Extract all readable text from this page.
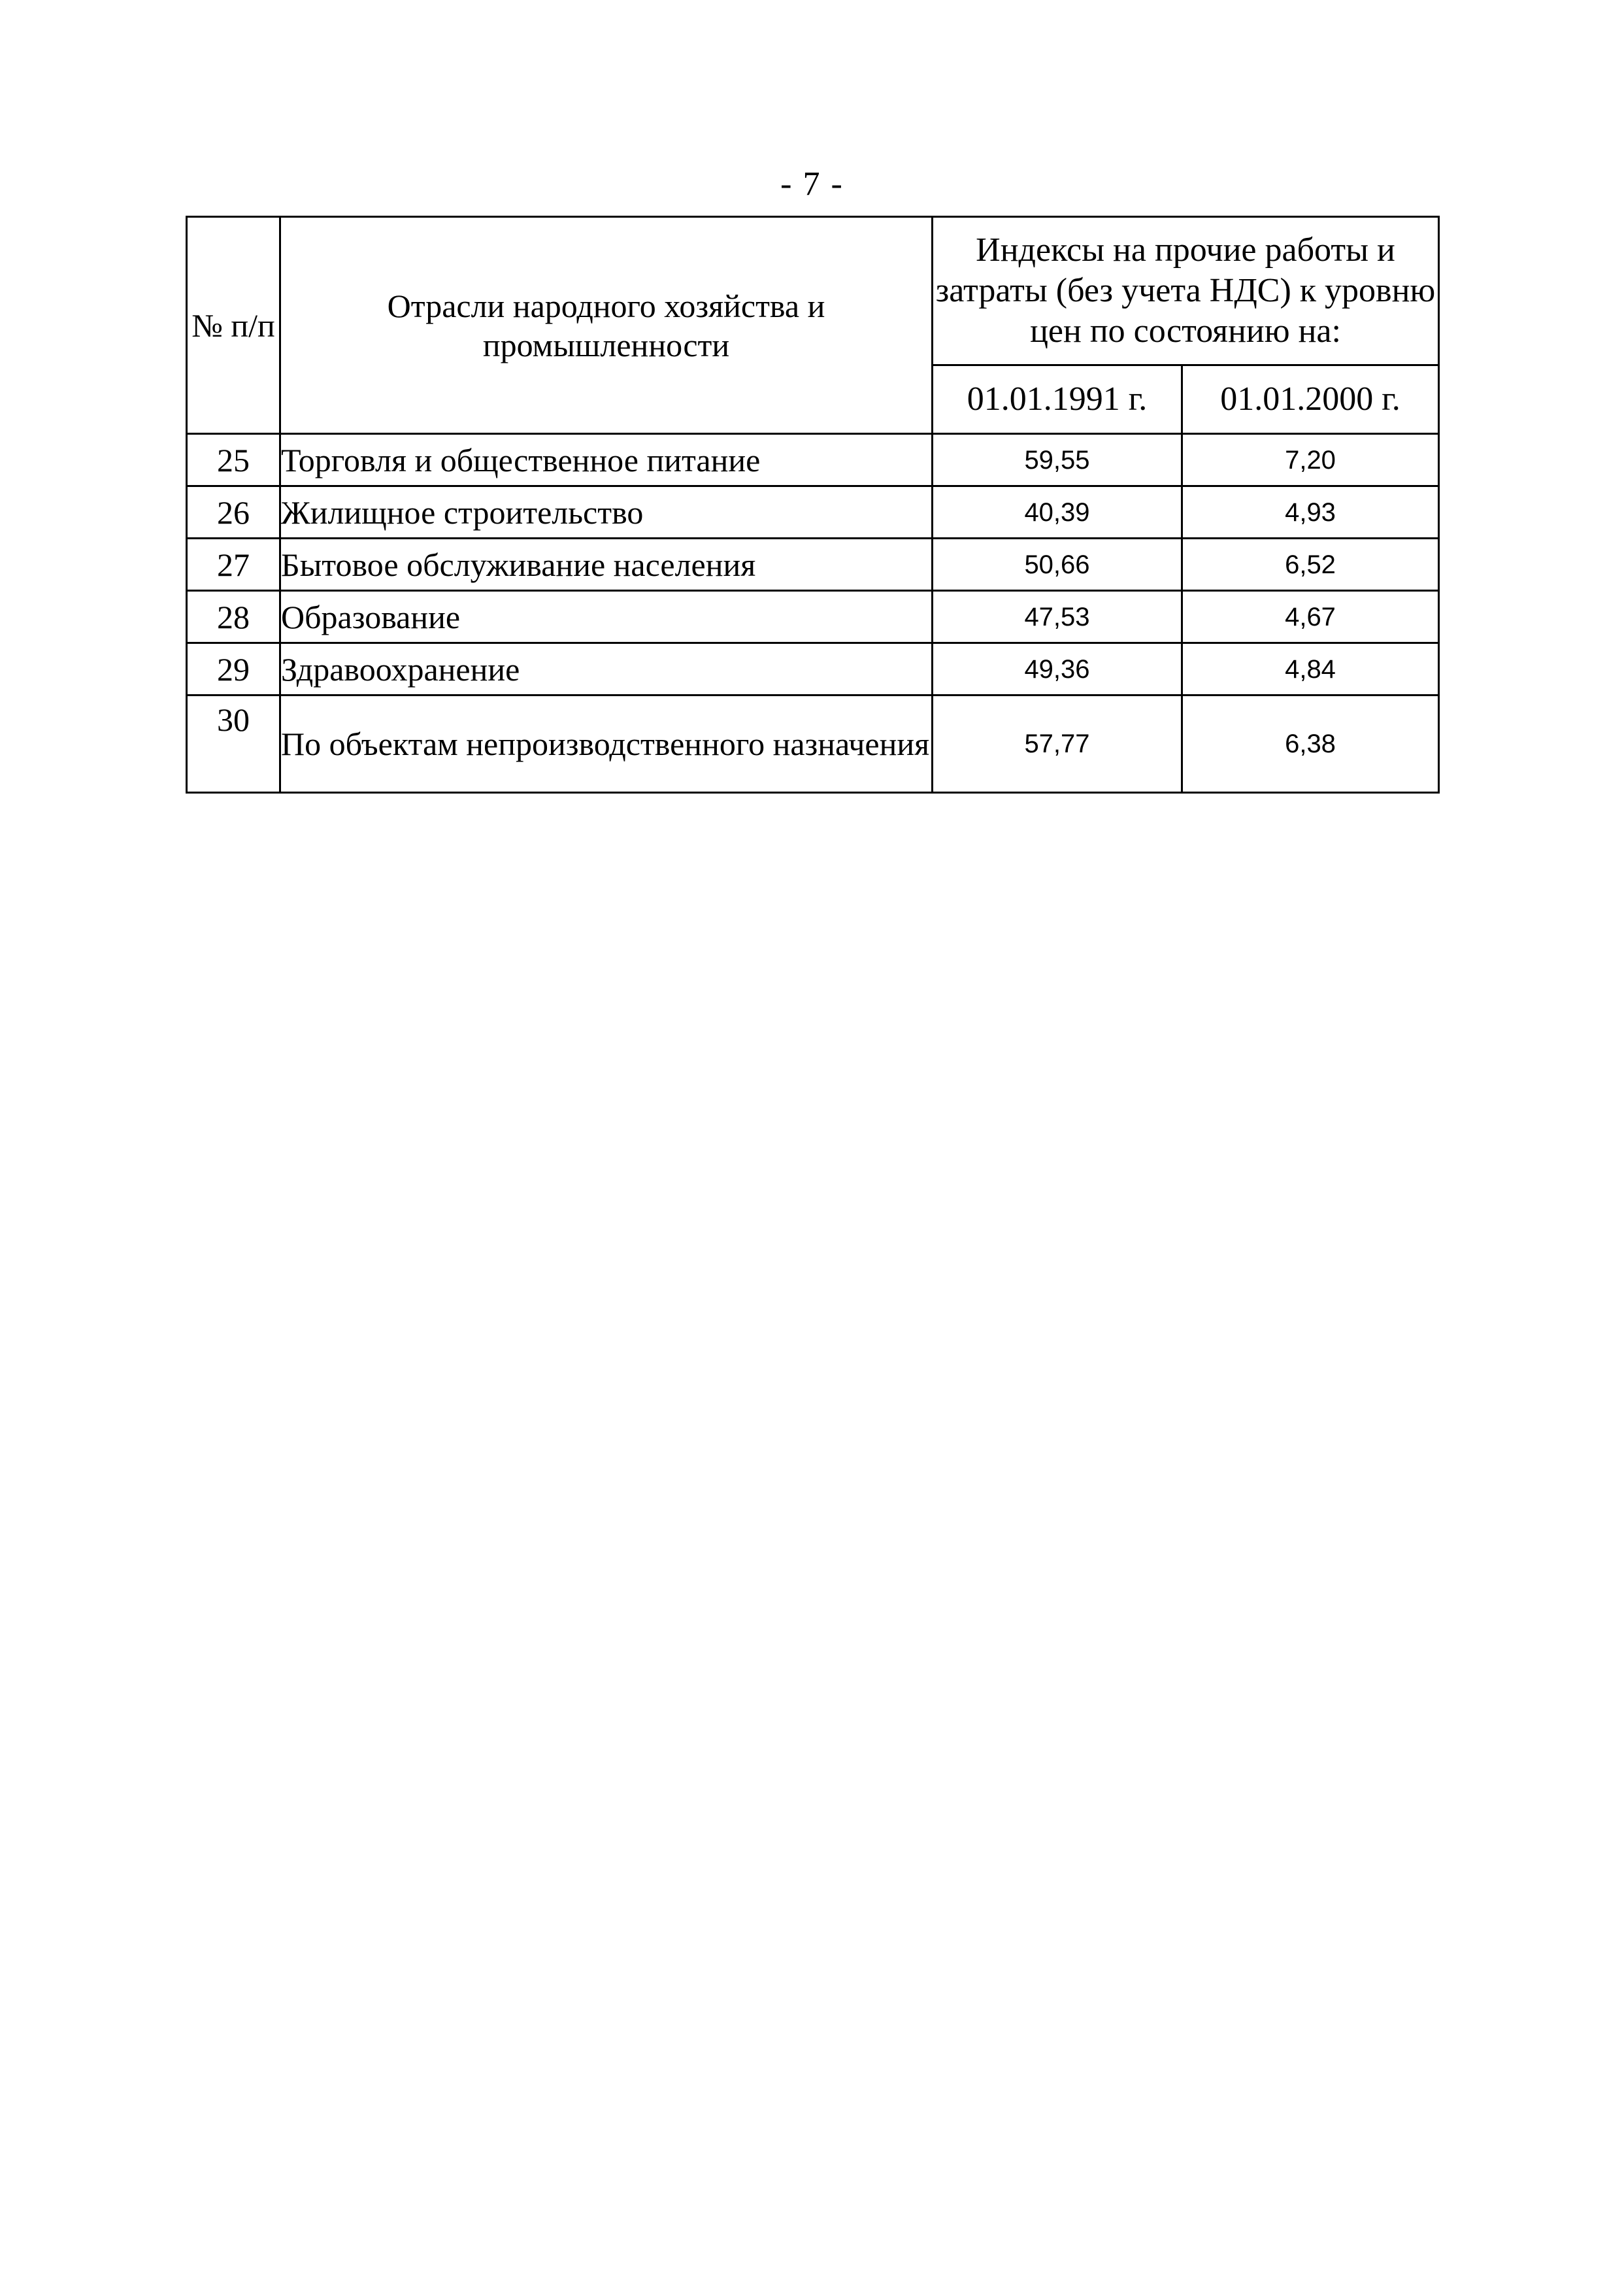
- 7 -
№ п/п	Отрасли народного хозяйства и промышленности	Индексы на прочие работы и затраты (без учета НДС) к уровню цен по состоянию на:	
		01.01.1991 г.	01.01.2000 г.
25	Торговля и общественное питание	59,55	7,20
26	Жилищное строительство	40,39	4,93
27	Бытовое обслуживание населения	50,66	6,52
28	Образование	47,53	4,67
29	Здравоохранение	49,36	4,84
30	По объектам непроизводственного назначения	57,77	6,38
